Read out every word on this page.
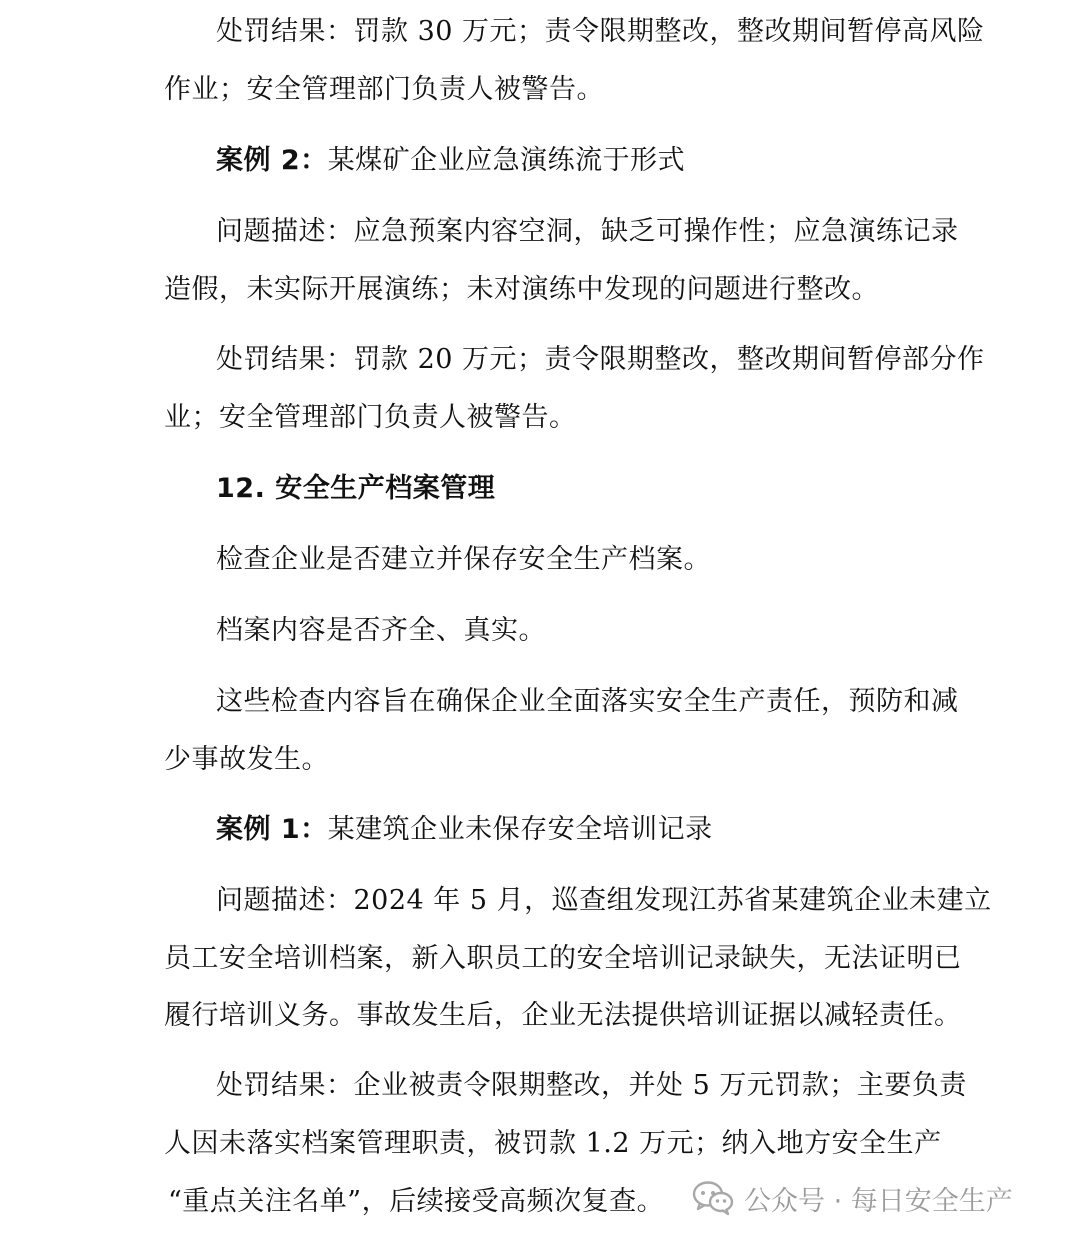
处罚结果：罚款 30 万元；责令限期整改，整改期间暂停高风险

作业；安全管理部门负责人被警告。

案例 2：某煤矿企业应急演练流于形式

问题描述：应急预案内容空洞，缺乏可操作性；应急演练记录

造假，未实际开展演练；未对演练中发现的问题进行整改。

处罚结果：罚款 20 万元；责令限期整改，整改期间暂停部分作

业；安全管理部门负责人被警告。

12. 安全生产档案管理

检查企业是否建立并保存安全生产档案。

档案内容是否齐全、真实。

这些检查内容旨在确保企业全面落实安全生产责任，预防和减

少事故发生。

案例 1：某建筑企业未保存安全培训记录

问题描述：2024 年 5 月，巡查组发现江苏省某建筑企业未建立

员工安全培训档案，新入职员工的安全培训记录缺失，无法证明已

履行培训义务。事故发生后，企业无法提供培训证据以减轻责任。

处罚结果：企业被责令限期整改，并处 5 万元罚款；主要负责

人因未落实档案管理职责，被罚款 1.2 万元；纳入地方安全生产

“重点关注名单”，后续接受高频次复查。	公众号 · 每日安全生产
